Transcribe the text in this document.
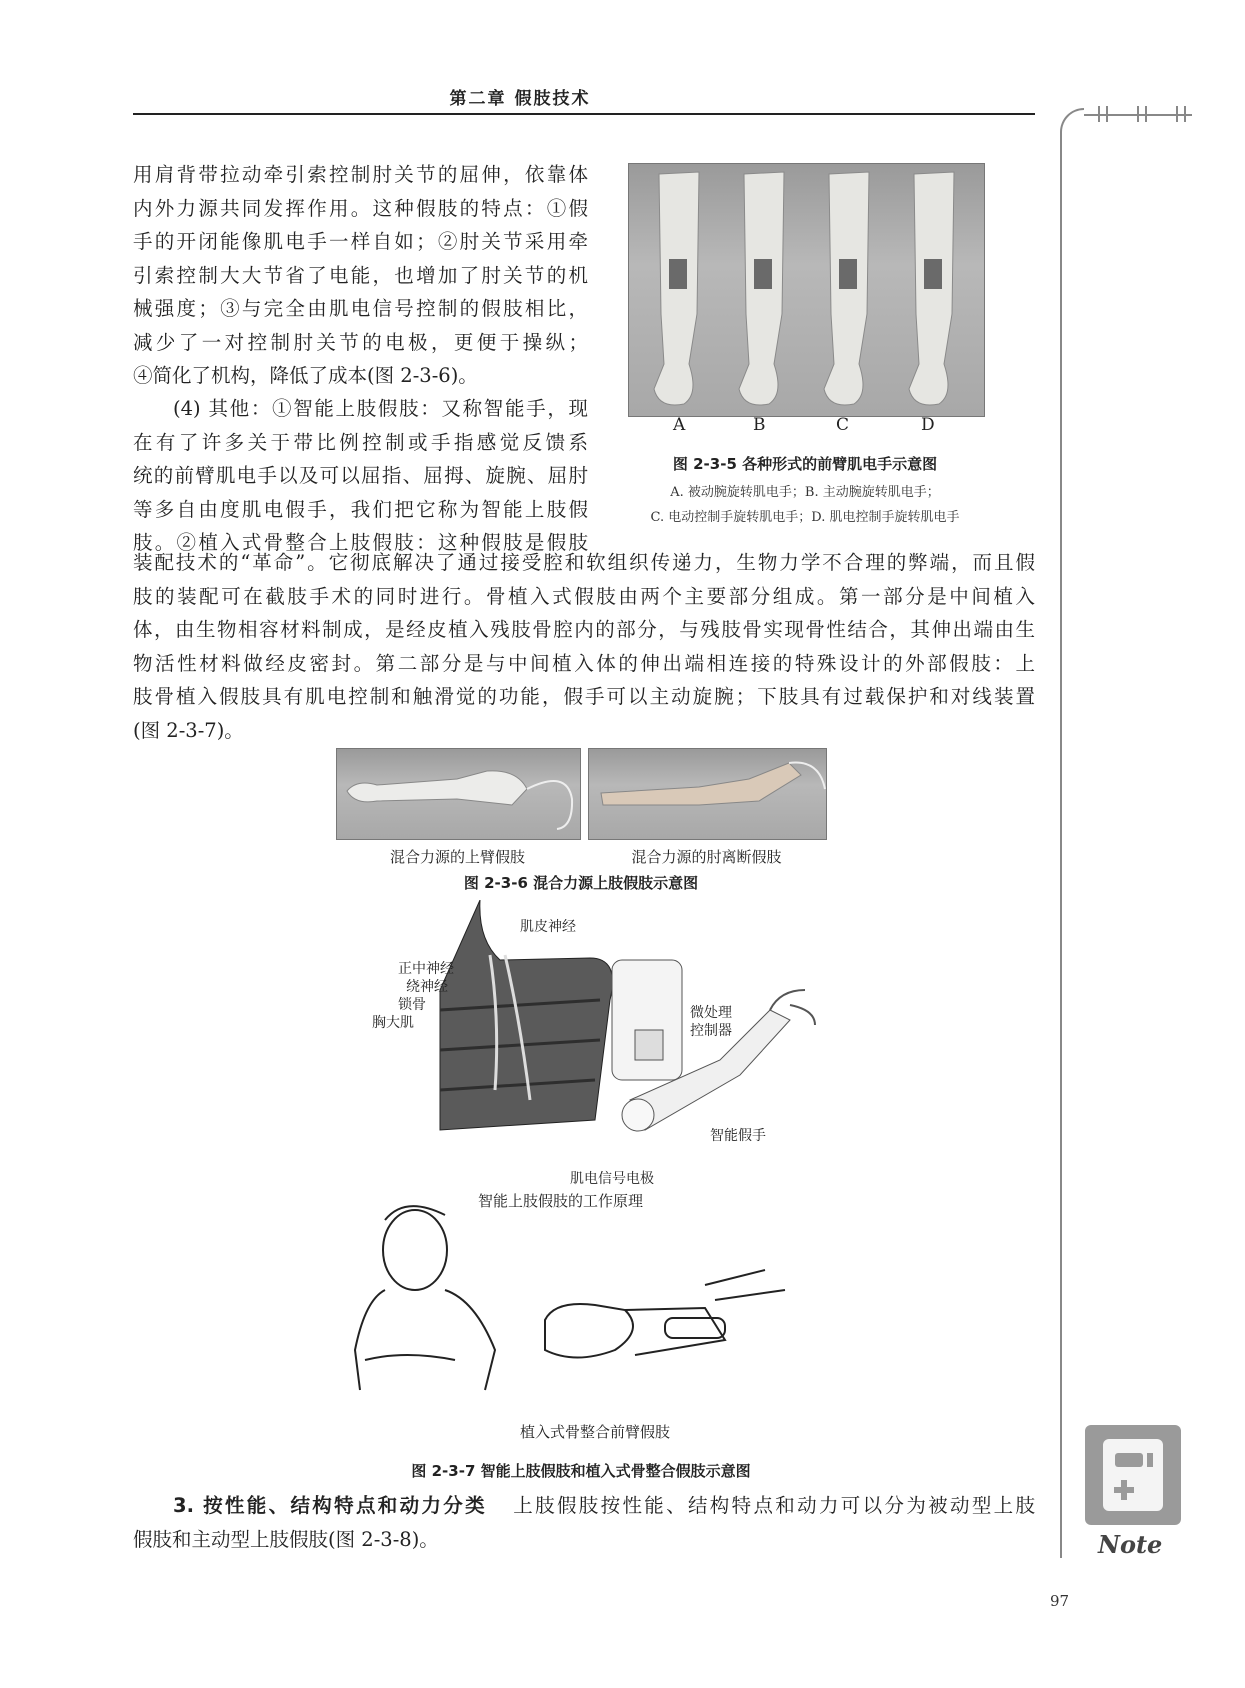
第二章 假肢技术
用肩背带拉动牵引索控制肘关节的屈伸，依靠体
内外力源共同发挥作用。这种假肢的特点：①假
手的开闭能像肌电手一样自如；②肘关节采用牵
引索控制大大节省了电能，也增加了肘关节的机
械强度；③与完全由肌电信号控制的假肢相比，
减少了一对控制肘关节的电极，更便于操纵；
④简化了机构，降低了成本(图 2-3-6)。
(4) 其他：①智能上肢假肢：又称智能手，现
在有了许多关于带比例控制或手指感觉反馈系
统的前臂肌电手以及可以屈指、屈拇、旋腕、屈肘
等多自由度肌电假手，我们把它称为智能上肢假
肢。②植入式骨整合上肢假肢：这种假肢是假肢
A	B	C	D
图 2-3-5 各种形式的前臂肌电手示意图
A. 被动腕旋转肌电手；B. 主动腕旋转肌电手；
C. 电动控制手旋转肌电手；D. 肌电控制手旋转肌电手
装配技术的“革命”。它彻底解决了通过接受腔和软组织传递力，生物力学不合理的弊端，而且假
肢的装配可在截肢手术的同时进行。骨植入式假肢由两个主要部分组成。第一部分是中间植入
体，由生物相容材料制成，是经皮植入残肢骨腔内的部分，与残肢骨实现骨性结合，其伸出端由生
物活性材料做经皮密封。第二部分是与中间植入体的伸出端相连接的特殊设计的外部假肢：上
肢骨植入假肢具有肌电控制和触滑觉的功能，假手可以主动旋腕；下肢具有过载保护和对线装置
(图 2-3-7)。
混合力源的上臂假肢	混合力源的肘离断假肢
图 2-3-6 混合力源上肢假肢示意图
肌皮神经
正中神经
绕神经
锁骨
胸大肌
微处理
控制器
智能假手
肌电信号电极
智能上肢假肢的工作原理
植入式骨整合前臂假肢
图 2-3-7 智能上肢假肢和植入式骨整合假肢示意图
3. 按性能、结构特点和动力分类 上肢假肢按性能、结构特点和动力可以分为被动型上肢
假肢和主动型上肢假肢(图 2-3-8)。	Note
97
